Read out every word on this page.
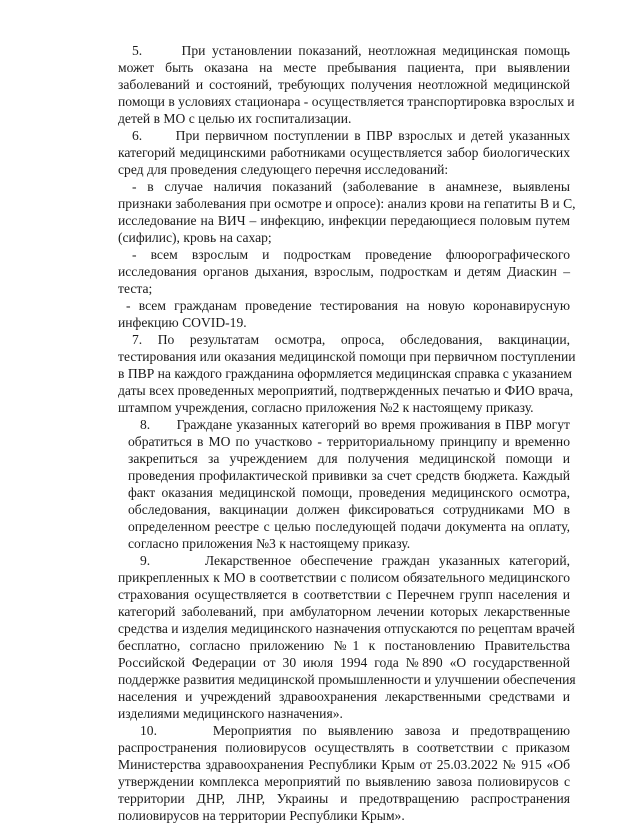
5.      При установлении показаний, неотложная медицинская помощь
может быть оказана на месте пребывания пациента, при выявлении
заболеваний и состояний, требующих получения неотложной медицинской
помощи в условиях стационара - осуществляется транспортировка взрослых и
детей в МО с целью их госпитализации.
6.      При первичном поступлении в ПВР взрослых и детей указанных
категорий медицинскими работниками осуществляется забор биологических
сред для проведения следующего перечня исследований:
- в случае наличия показаний (заболевание в анамнезе, выявлены
признаки заболевания при осмотре и опросе): анализ крови на гепатиты В и С,
исследование на ВИЧ – инфекцию, инфекции передающиеся половым путем
(сифилис), кровь на сахар;
- всем взрослым и подросткам проведение флюорографического
исследования органов дыхания, взрослым, подросткам и детям Диаскин –
теста;
- всем гражданам проведение тестирования на новую коронавирусную
инфекцию COVID-19.
7. По результатам осмотра, опроса, обследования, вакцинации,
тестирования или оказания медицинской помощи при первичном поступлении
в ПВР на каждого гражданина оформляется медицинская справка с указанием
даты всех проведенных мероприятий, подтвержденных печатью и ФИО врача,
штампом учреждения, согласно приложения №2 к настоящему приказу.
8.      Граждане указанных категорий во время проживания в ПВР могут
обратиться в МО по участково - территориальному принципу и временно
закрепиться за учреждением для получения медицинской помощи и
проведения профилактической прививки за счет средств бюджета. Каждый
факт оказания медицинской помощи, проведения медицинского осмотра,
обследования, вакцинации должен фиксироваться сотрудниками МО в
определенном реестре с целью последующей подачи документа на оплату,
согласно приложения №3 к настоящему приказу.
9.      Лекарственное обеспечение граждан указанных категорий,
прикрепленных к МО в соответствии с полисом обязательного медицинского
страхования осуществляется в соответствии с Перечнем групп населения и
категорий заболеваний, при амбулаторном лечении которых лекарственные
средства и изделия медицинского назначения отпускаются по рецептам врачей
бесплатно, согласно приложению №1 к постановлению Правительства
Российской Федерации от 30 июля 1994 года №890 «О государственной
поддержке развития медицинской промышленности и улучшении обеспечения
населения и учреждений здравоохранения лекарственными средствами и
изделиями медицинского назначения».
10.     Мероприятия по выявлению завоза и предотвращению
распространения полиовирусов осуществлять в соответствии с приказом
Министерства здравоохранения Республики Крым от 25.03.2022 № 915 «Об
утверждении комплекса мероприятий по выявлению завоза полиовирусов с
территории ДНР, ЛНР, Украины и предотвращению распространения
полиовирусов на территории Республики Крым».
